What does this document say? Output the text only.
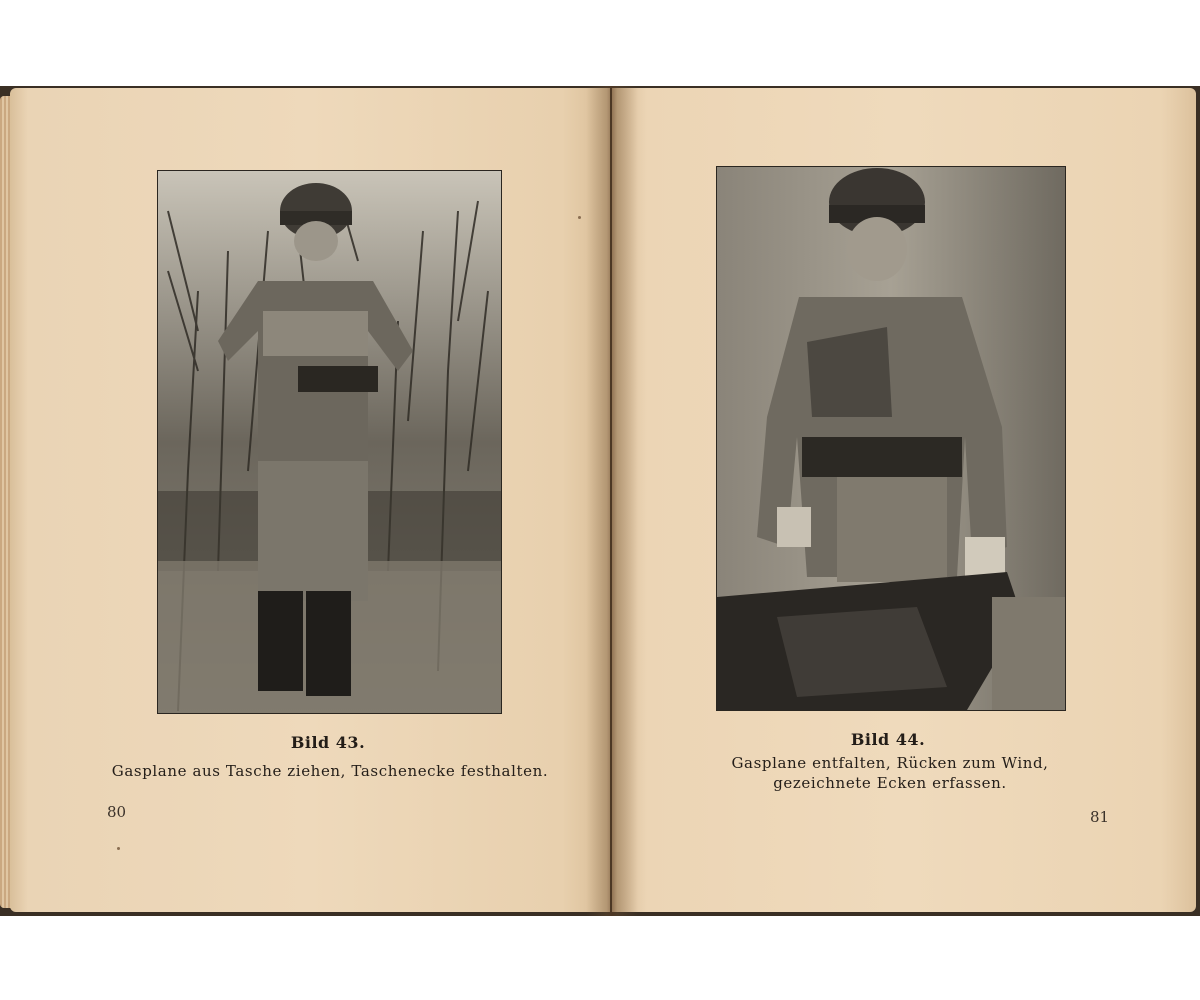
Bild 43.
Gasplane aus Tasche ziehen, Taschenecke festhalten.
80
Bild 44.
Gasplane entfalten, Rücken zum Wind,
gezeichnete Ecken erfassen.
81
